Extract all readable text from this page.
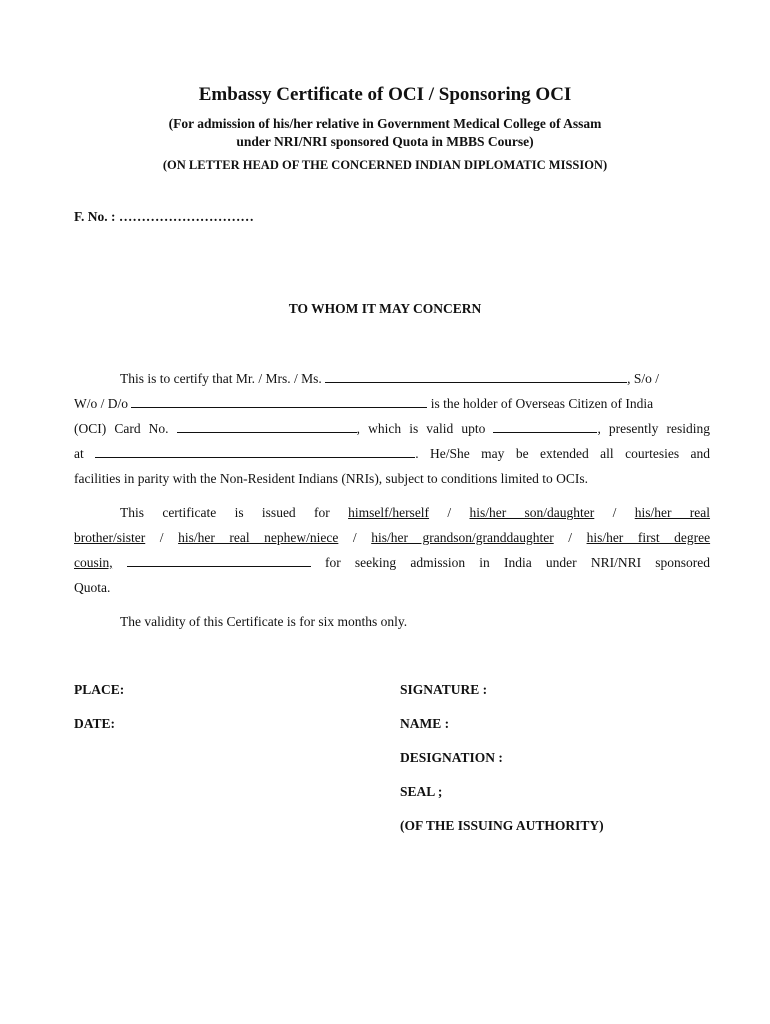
Embassy Certificate of OCI / Sponsoring OCI
(For admission of his/her relative in Government Medical College of Assam
under NRI/NRI sponsored Quota in MBBS Course)
(ON LETTER HEAD OF THE CONCERNED INDIAN DIPLOMATIC MISSION)
F. No. : …………………………
TO WHOM IT MAY CONCERN
This is to certify that Mr. / Mrs. / Ms.	, S/o /
W/o / D/o	is the holder of Overseas Citizen of India
(OCI) Card No.	, which is valid upto	, presently residing
at	. He/She may be extended all courtesies and
facilities in parity with the Non-Resident Indians (NRIs), subject to conditions limited to OCIs.
This certificate is issued for himself/herself / his/her son/daughter / his/her real
brother/sister / his/her real nephew/niece / his/her grandson/granddaughter / his/her first degree
cousin,	for seeking admission in India under NRI/NRI sponsored
Quota.
The validity of this Certificate is for six months only.
PLACE:
DATE:
SIGNATURE :
NAME :
DESIGNATION :
SEAL ;
(OF THE ISSUING AUTHORITY)
